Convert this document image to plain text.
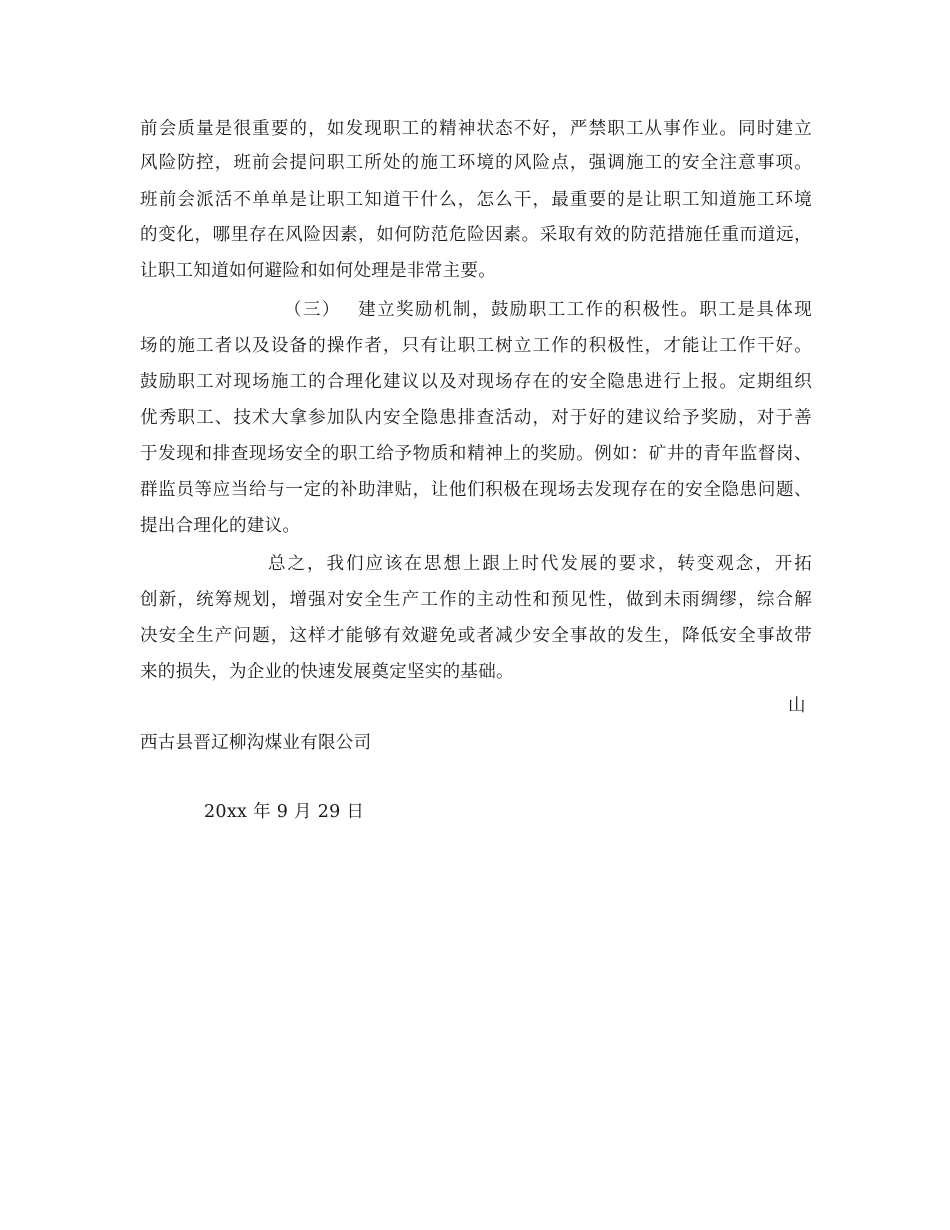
前会质量是很重要的，如发现职工的精神状态不好，严禁职工从事作业。同时建立
风险防控，班前会提问职工所处的施工环境的风险点，强调施工的安全注意事项。
班前会派活不单单是让职工知道干什么，怎么干，最重要的是让职工知道施工环境
的变化，哪里存在风险因素，如何防范危险因素。采取有效的防范措施任重而道远，
让职工知道如何避险和如何处理是非常主要。
（三）　 建立奖励机制，鼓励职工工作的积极性。职工是具体现
场的施工者以及设备的操作者，只有让职工树立工作的积极性，才能让工作干好。
鼓励职工对现场施工的合理化建议以及对现场存在的安全隐患进行上报。定期组织
优秀职工、技术大拿参加队内安全隐患排查活动，对于好的建议给予奖励，对于善
于发现和排查现场安全的职工给予物质和精神上的奖励。例如：矿井的青年监督岗、
群监员等应当给与一定的补助津贴，让他们积极在现场去发现存在的安全隐患问题、
提出合理化的建议。
总之，我们应该在思想上跟上时代发展的要求，转变观念，开拓
创新，统筹规划，增强对安全生产工作的主动性和预见性，做到未雨绸缪，综合解
决安全生产问题，这样才能够有效避免或者减少安全事故的发生，降低安全事故带
来的损失，为企业的快速发展奠定坚实的基础。
山
西古县晋辽柳沟煤业有限公司
20xx 年 9 月 29 日
